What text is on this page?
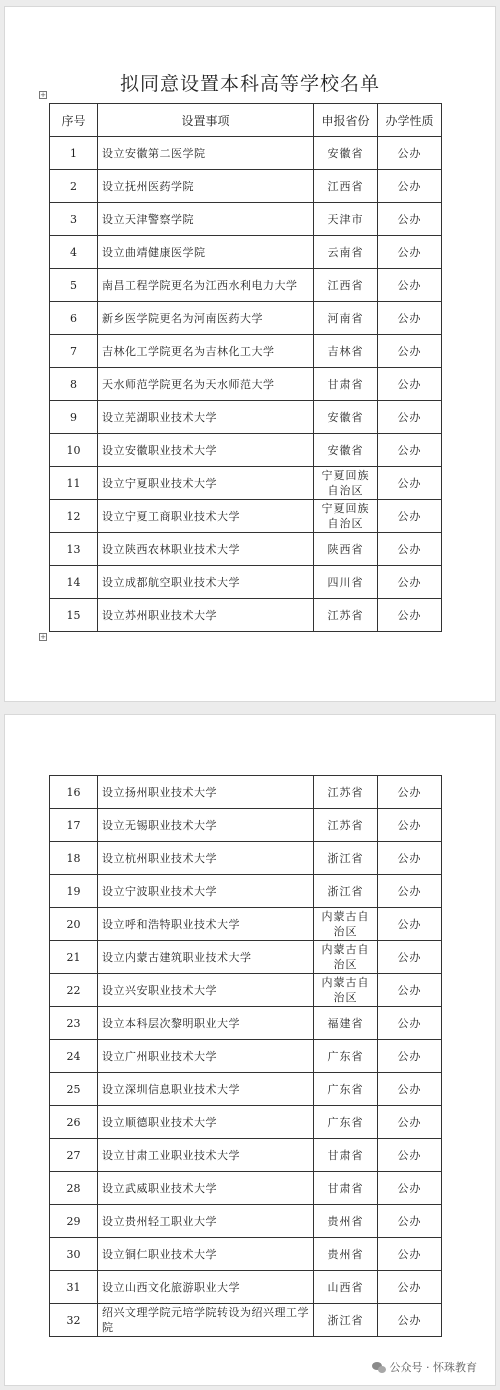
拟同意设置本科高等学校名单
+
序号	设置事项	申报省份	办学性质
1	设立安徽第二医学院	安徽省	公办
2	设立抚州医药学院	江西省	公办
3	设立天津警察学院	天津市	公办
4	设立曲靖健康医学院	云南省	公办
5	南昌工程学院更名为江西水利电力大学	江西省	公办
6	新乡医学院更名为河南医药大学	河南省	公办
7	吉林化工学院更名为吉林化工大学	吉林省	公办
8	天水师范学院更名为天水师范大学	甘肃省	公办
9	设立芜湖职业技术大学	安徽省	公办
10	设立安徽职业技术大学	安徽省	公办
11	设立宁夏职业技术大学	宁夏回族自治区	公办
12	设立宁夏工商职业技术大学	宁夏回族自治区	公办
13	设立陕西农林职业技术大学	陕西省	公办
14	设立成都航空职业技术大学	四川省	公办
15	设立苏州职业技术大学	江苏省	公办
+
16	设立扬州职业技术大学	江苏省	公办
17	设立无锡职业技术大学	江苏省	公办
18	设立杭州职业技术大学	浙江省	公办
19	设立宁波职业技术大学	浙江省	公办
20	设立呼和浩特职业技术大学	内蒙古自治区	公办
21	设立内蒙古建筑职业技术大学	内蒙古自治区	公办
22	设立兴安职业技术大学	内蒙古自治区	公办
23	设立本科层次黎明职业大学	福建省	公办
24	设立广州职业技术大学	广东省	公办
25	设立深圳信息职业技术大学	广东省	公办
26	设立顺德职业技术大学	广东省	公办
27	设立甘肃工业职业技术大学	甘肃省	公办
28	设立武威职业技术大学	甘肃省	公办
29	设立贵州轻工职业大学	贵州省	公办
30	设立铜仁职业技术大学	贵州省	公办
31	设立山西文化旅游职业大学	山西省	公办
32	绍兴文理学院元培学院转设为绍兴理工学院	浙江省	公办
公众号 · 怀珠教育
